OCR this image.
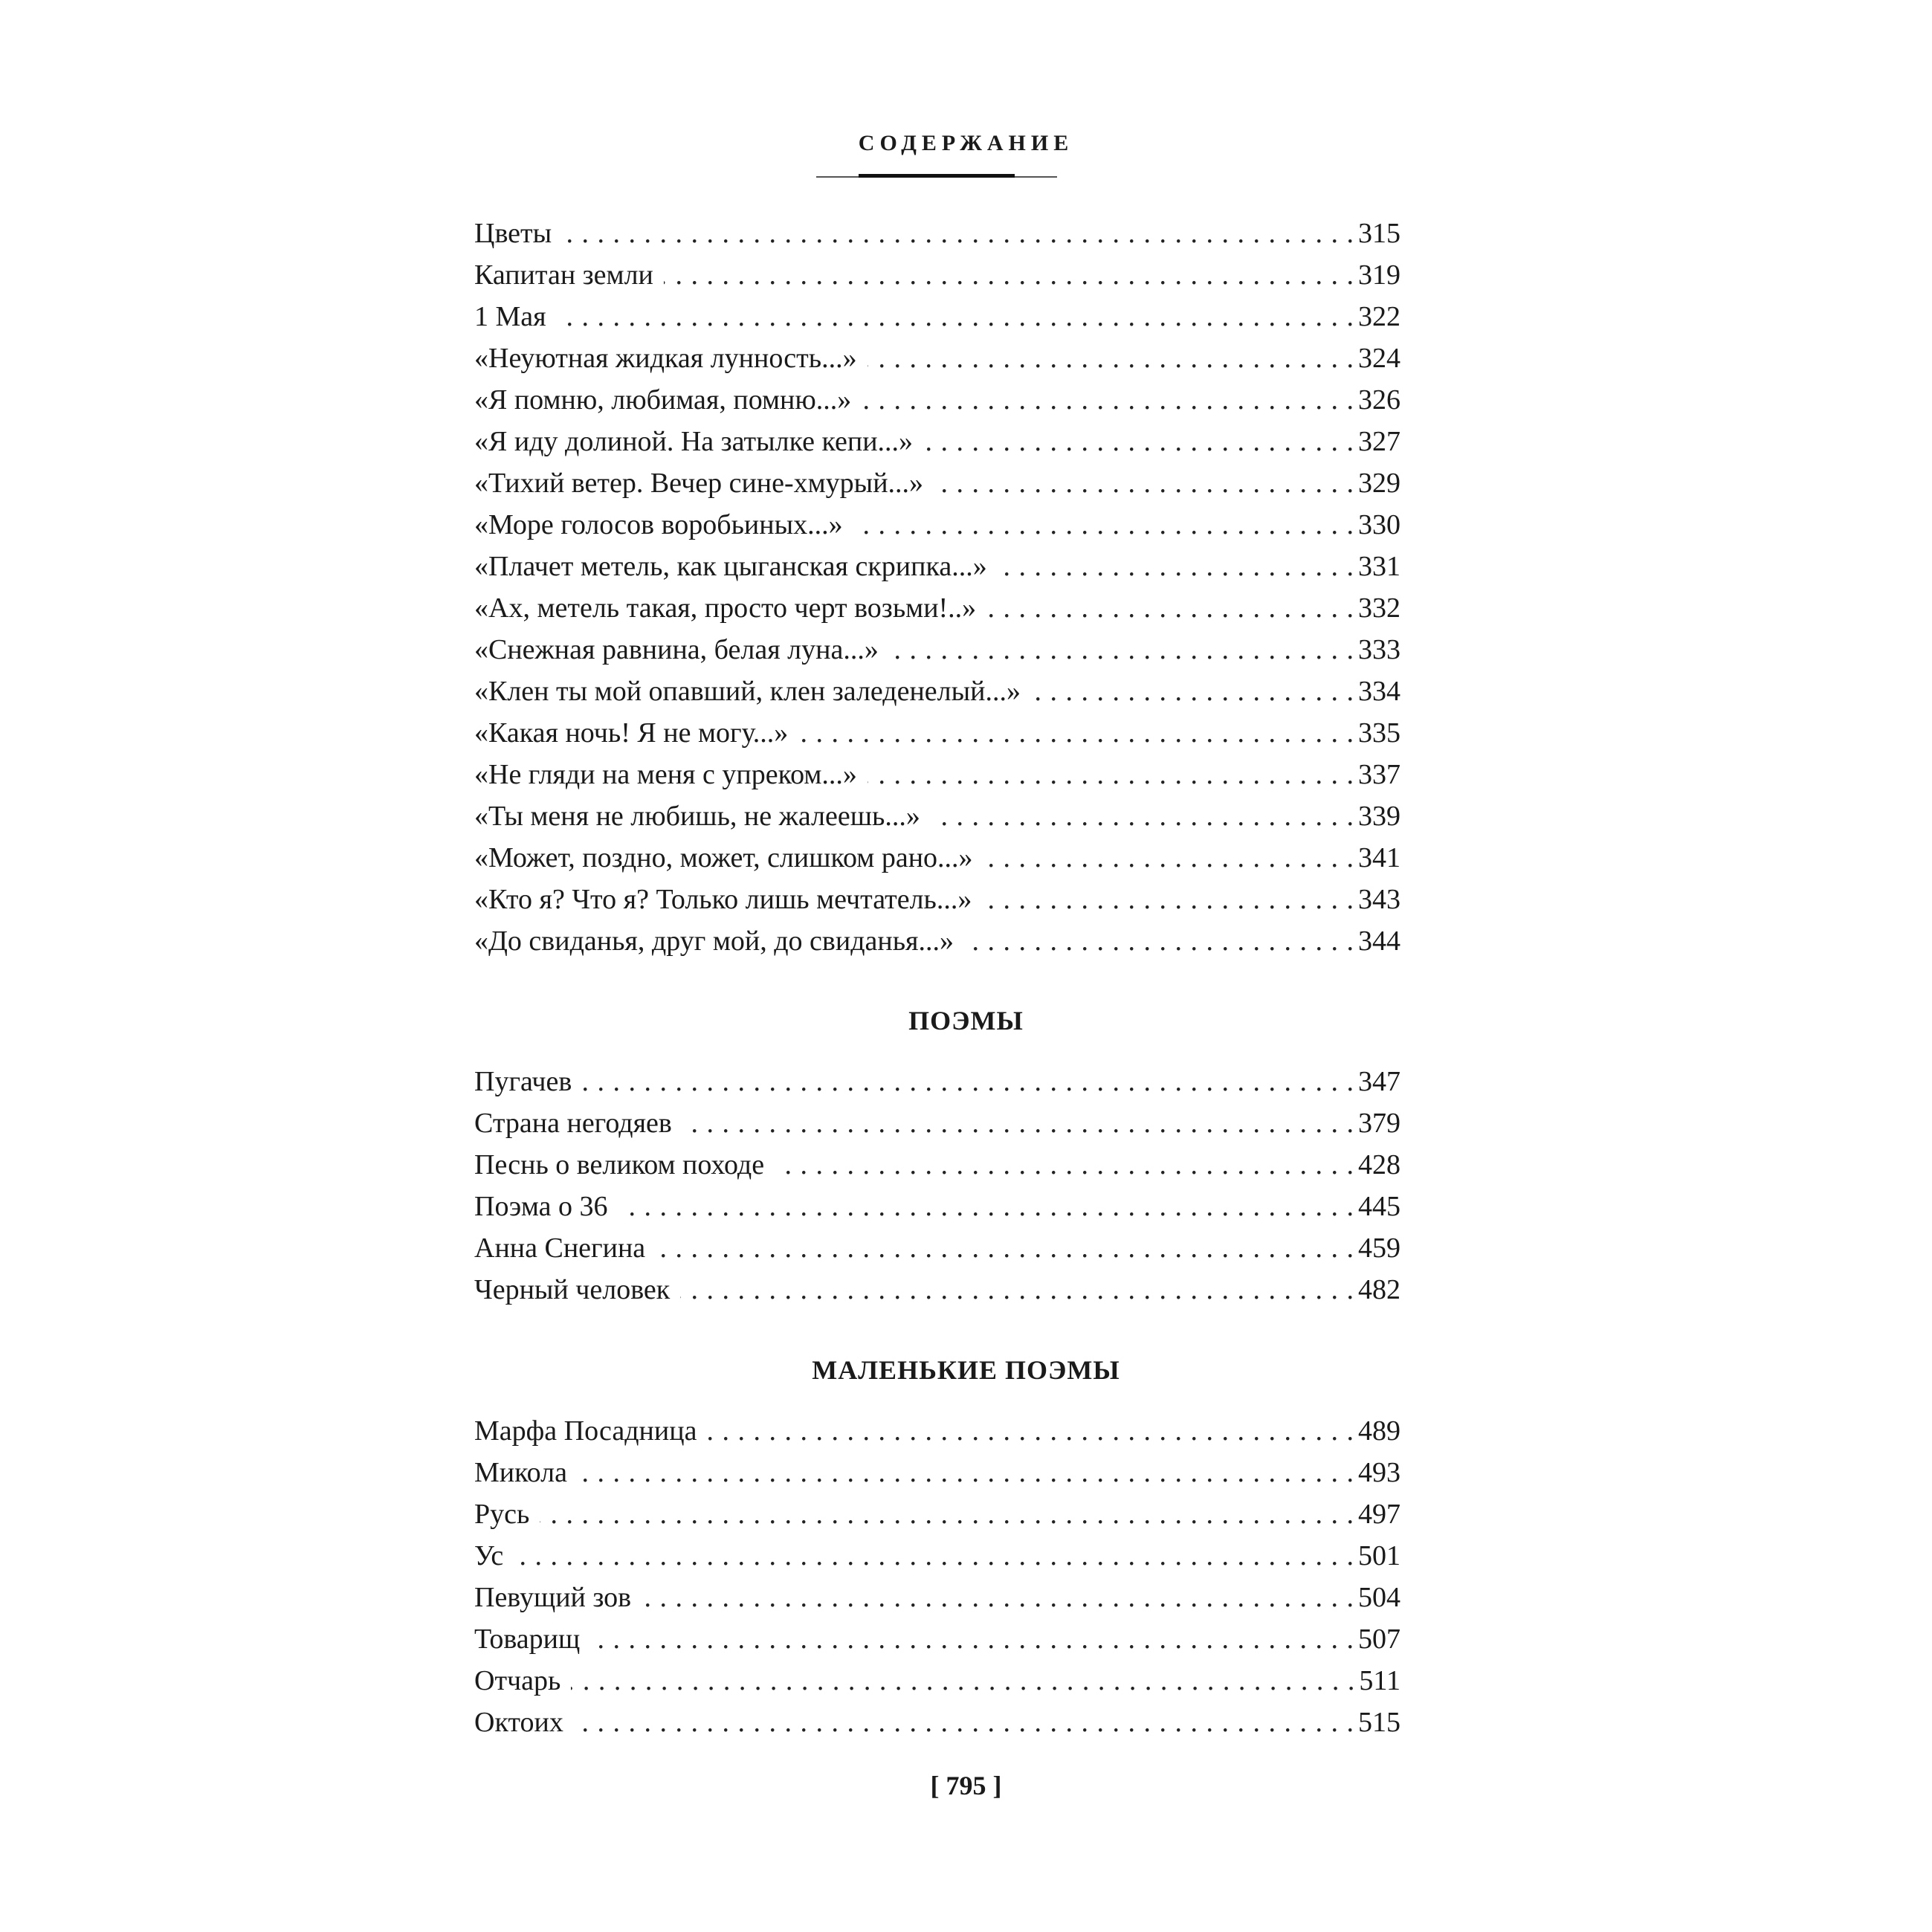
СОДЕРЖАНИЕ
Цветы . . .	315
Капитан земли . . .	319
1 Мая . . .	322
«Неуютная жидкая лунность...» . . .	324
«Я помню, любимая, помню...» . . .	326
«Я иду долиной. На затылке кепи...» . . .	327
«Тихий ветер. Вечер сине-хмурый...» . . .	329
«Море голосов воробьиных...» . . .	330
«Плачет метель, как цыганская скрипка...» . . .	331
«Ах, метель такая, просто черт возьми!..» . . .	332
«Снежная равнина, белая луна...» . . .	333
«Клен ты мой опавший, клен заледенелый...» . . .	334
«Какая ночь! Я не могу...» . . .	335
«Не гляди на меня с упреком...» . . .	337
«Ты меня не любишь, не жалеешь...» . . .	339
«Может, поздно, может, слишком рано...» . . .	341
«Кто я? Что я? Только лишь мечтатель...» . . .	343
«До свиданья, друг мой, до свиданья...» . . .	344
ПОЭМЫ
Пугачев . . .	347
Страна негодяев . . .	379
Песнь о великом походе . . .	428
Поэма о 36 . . .	445
Анна Снегина . . .	459
Черный человек . . .	482
МАЛЕНЬКИЕ ПОЭМЫ
Марфа Посадница . . .	489
Микола . . .	493
Русь . . .	497
Ус . . .	501
Певущий зов . . .	504
Товарищ . . .	507
Отчарь . . .	511
Октоих . . .	515
[ 795 ]
